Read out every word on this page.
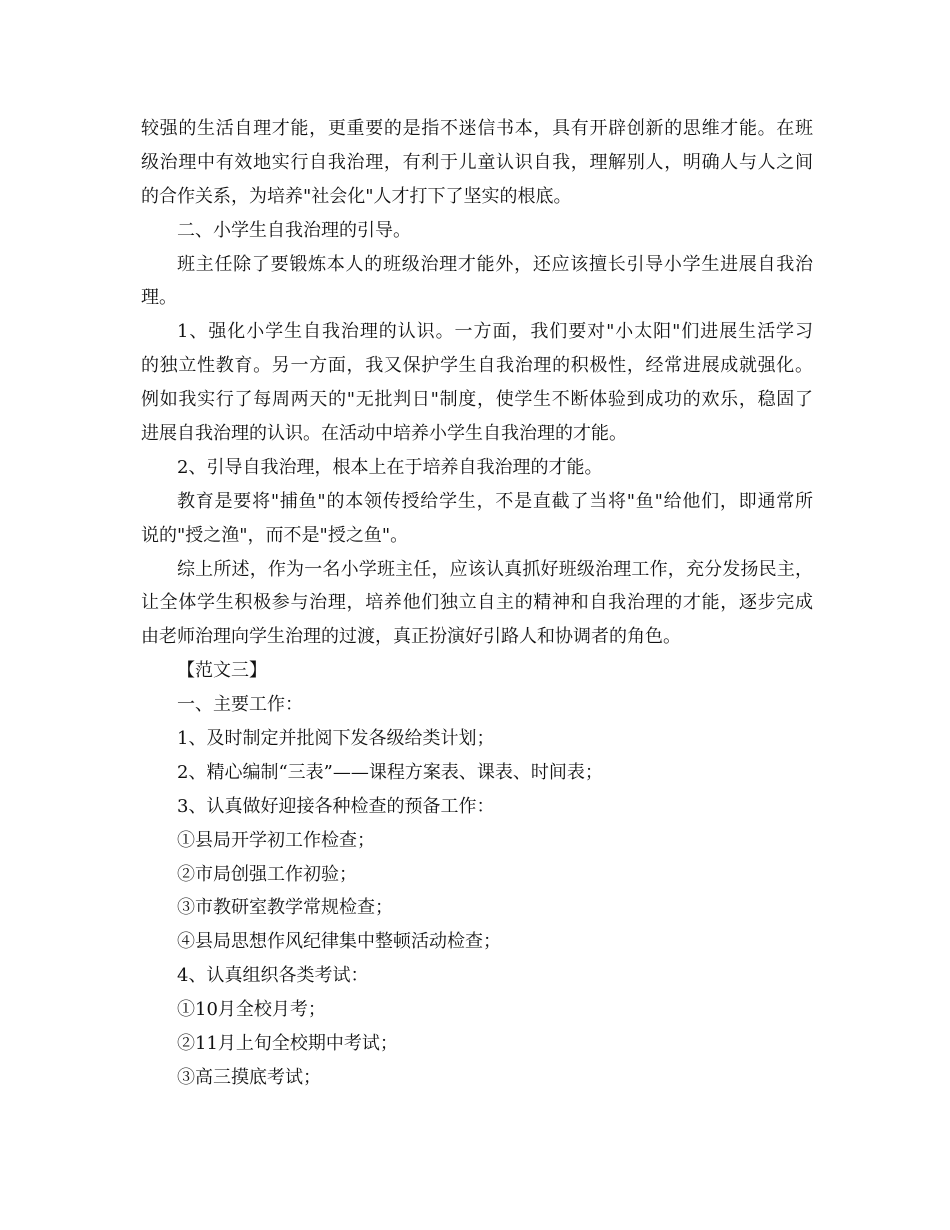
较强的生活自理才能，更重要的是指不迷信书本，具有开辟创新的思维才能。在班
级治理中有效地实行自我治理，有利于儿童认识自我，理解别人，明确人与人之间
的合作关系，为培养"社会化"人才打下了坚实的根底。
二、小学生自我治理的引导。
班主任除了要锻炼本人的班级治理才能外，还应该擅长引导小学生进展自我治
理。
1、强化小学生自我治理的认识。一方面，我们要对"小太阳"们进展生活学习
的独立性教育。另一方面，我又保护学生自我治理的积极性，经常进展成就强化。
例如我实行了每周两天的"无批判日"制度，使学生不断体验到成功的欢乐，稳固了
进展自我治理的认识。在活动中培养小学生自我治理的才能。
2、引导自我治理，根本上在于培养自我治理的才能。
教育是要将"捕鱼"的本领传授给学生，不是直截了当将"鱼"给他们，即通常所
说的"授之渔"，而不是"授之鱼"。
综上所述，作为一名小学班主任，应该认真抓好班级治理工作，充分发扬民主，
让全体学生积极参与治理，培养他们独立自主的精神和自我治理的才能，逐步完成
由老师治理向学生治理的过渡，真正扮演好引路人和协调者的角色。
【范文三】
一、主要工作：
1、及时制定并批阅下发各级给类计划；
2、精心编制“三表”——课程方案表、课表、时间表；
3、认真做好迎接各种检查的预备工作：
①县局开学初工作检查；
②市局创强工作初验；
③市教研室教学常规检查；
④县局思想作风纪律集中整顿活动检查；
4、认真组织各类考试：
①10月全校月考；
②11月上旬全校期中考试；
③高三摸底考试；
